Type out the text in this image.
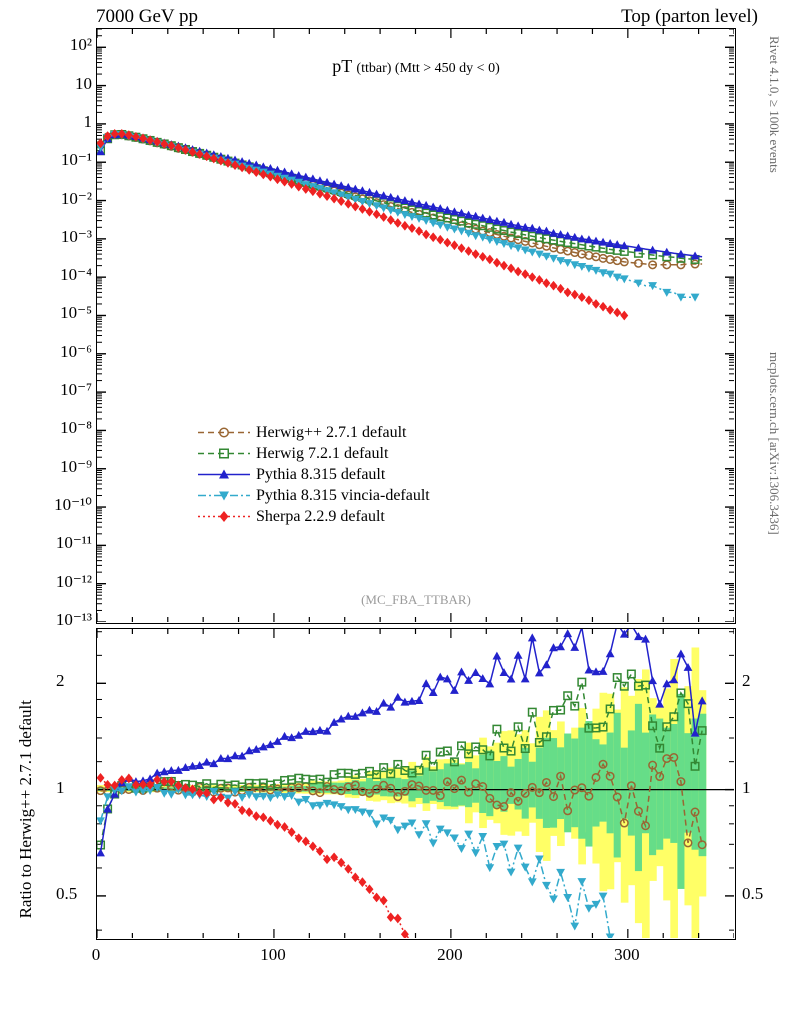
7000 GeV pp	Top (parton level)
Rivet 4.1.0, ≥ 100k events
mcplots.cern.ch [arXiv:1306.3436]
pT (ttbar) (Mtt > 450 dy < 0)
(MC_FBA_TTBAR)
Herwig++ 2.7.1 default
Herwig 7.2.1 default
Pythia 8.315 default
Pythia 8.315 vincia-default
Sherpa 2.2.9 default
Ratio to Herwig++ 2.7.1 default
10²
10
1
10⁻¹
10⁻²
10⁻³
10⁻⁴
10⁻⁵
10⁻⁶
10⁻⁷
10⁻⁸
10⁻⁹
10⁻¹⁰
10⁻¹¹
10⁻¹²
10⁻¹³
0.5	0.5
1	1
2	2
0	100	200	300
